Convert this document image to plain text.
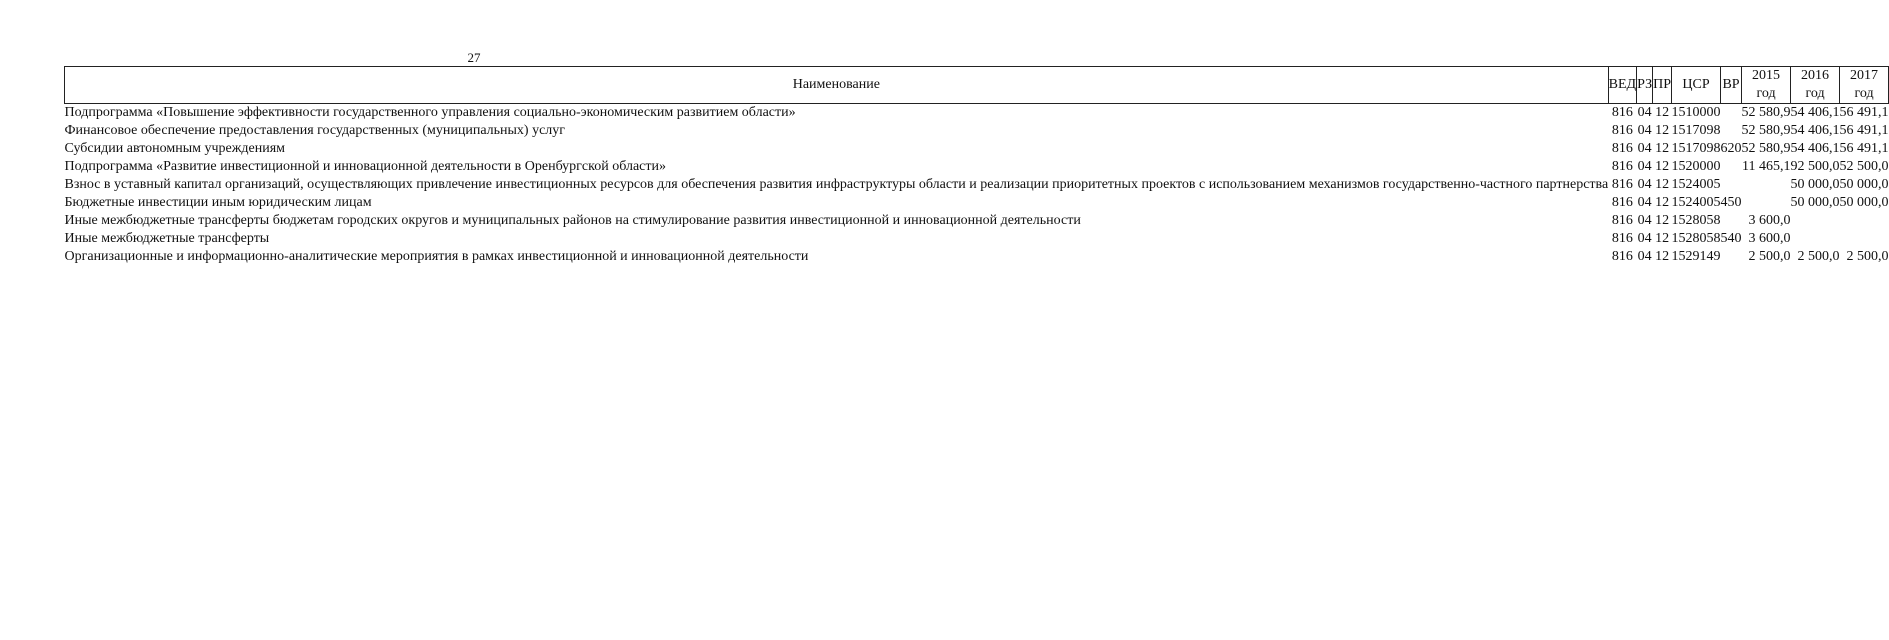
27
Наименование	ВЕД	РЗ	ПР	ЦСР	ВР	2015 год	2016 год	2017 год
Подпрограмма «Повышение эффективности государственного управления социально-экономическим развитием области»	816	04	12	1510000		52 580,9	54 406,1	56 491,1
Финансовое обеспечение предоставления государственных (муниципальных) услуг	816	04	12	1517098		52 580,9	54 406,1	56 491,1
Субсидии автономным учреждениям	816	04	12	1517098	620	52 580,9	54 406,1	56 491,1
Подпрограмма «Развитие инвестиционной и инновационной деятельности в Оренбургской области»	816	04	12	1520000		11 465,1	92 500,0	52 500,0
Взнос в уставный капитал организаций, осуществляющих привлечение инвестиционных ресурсов для обеспечения развития инфраструктуры области и реализации приоритетных проектов с использованием механизмов государственно-частного партнерства	816	04	12	1524005			50 000,0	50 000,0
Бюджетные инвестиции иным юридическим лицам	816	04	12	1524005	450		50 000,0	50 000,0
Иные межбюджетные трансферты бюджетам городских округов и муниципальных районов на стимулирование развития инвестиционной и инновационной деятельности	816	04	12	1528058		3 600,0		
Иные межбюджетные трансферты	816	04	12	1528058	540	3 600,0		
Организационные и информационно-аналитические мероприятия в рамках инвестиционной и инновационной деятельности	816	04	12	1529149		2 500,0	2 500,0	2 500,0
